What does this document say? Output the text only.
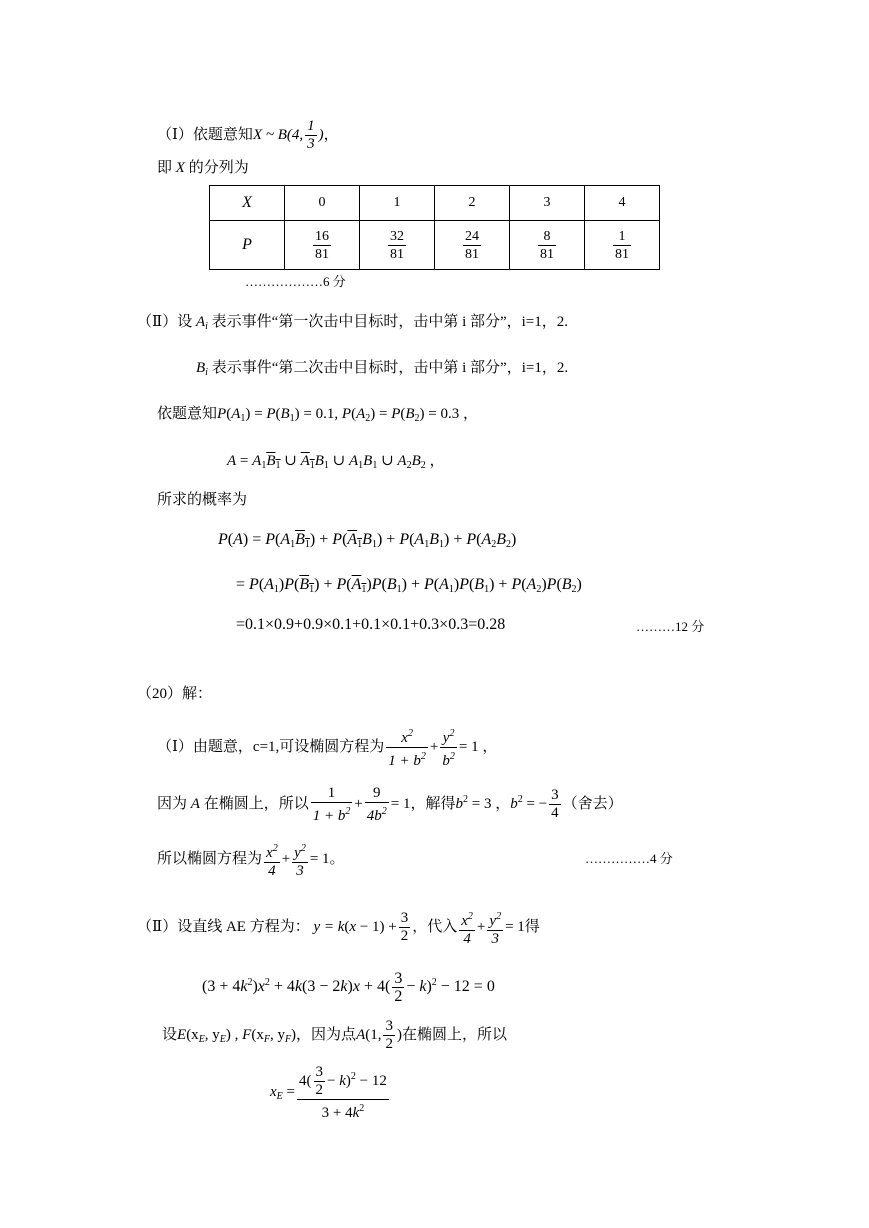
（Ⅰ）依题意知X ~ B(4, $\frac{1}{3}$ )，
即 X 的分列为
X	0	1	2	3	4
P	$\frac{16}{81}$	$\frac{32}{81}$	$\frac{24}{81}$	$\frac{8}{81}$	$\frac{1}{81}$
………………6 分
（Ⅱ）设 $A_i$ 表示事件“第一次击中目标时，击中第 i 部分”，i=1，2.
$B_i$ 表示事件“第二次击中目标时，击中第 i 部分”，i=1，2.
依题意知$P(A_1) = P(B_1) = 0.1$, $P(A_2) = P(B_2) = 0.3$ ，
$A = A_1\overline{B}_1$ ∪ $\overline{A}_1B_1$ ∪ $A_1B_1$ ∪ $A_2B_2$ ，
所求的概率为
$P(A) = P(A_1\overline{B}_1) + P(\overline{A}_1B_1) + P(A_1B_1) + P(A_2B_2)$
= $P(A_1)P(\overline{B}_1) + P(\overline{A}_1)P(B_1) + P(A_1)P(B_1) + P(A_2)P(B_2)$
=0.1×0.9+0.9×0.1+0.1×0.1+0.3×0.3=0.28	………12 分
（20）解：
（Ⅰ）由题意，c=1,可设椭圆方程为 $\frac{x^2}{1 + b^2} + \frac{y^2}{b^2} = 1$ ，
因为 A 在椭圆上，所以 $\frac{1}{1 + b^2} + \frac{9}{4b^2} = 1$，解得$b^2 = 3$ ，$b^2$ = − $\frac{3}{4}$ （舍去）
所以椭圆方程为 $\frac{x^2}{4} + \frac{y^2}{3} = 1$。	……………4 分
（Ⅱ）设直线 AE 方程为： $y = k(x - 1) + \frac{3}{2}$ ，代入 $\frac{x^2}{4} + \frac{y^2}{3} = 1$得
$(3 + 4k^2)x^2 + 4k(3 - 2k)x + 4( \frac{3}{2} - k)^2 - 12 = 0$
设$E(x_E$, $y_E$) , $F(x_F$, $y_F$)，因为点A(1, $\frac{3}{2}$ )在椭圆上，所以
$x_E = \frac{4( \frac{3}{2} - k)^2 - 12}{3 + 4k^2}$
